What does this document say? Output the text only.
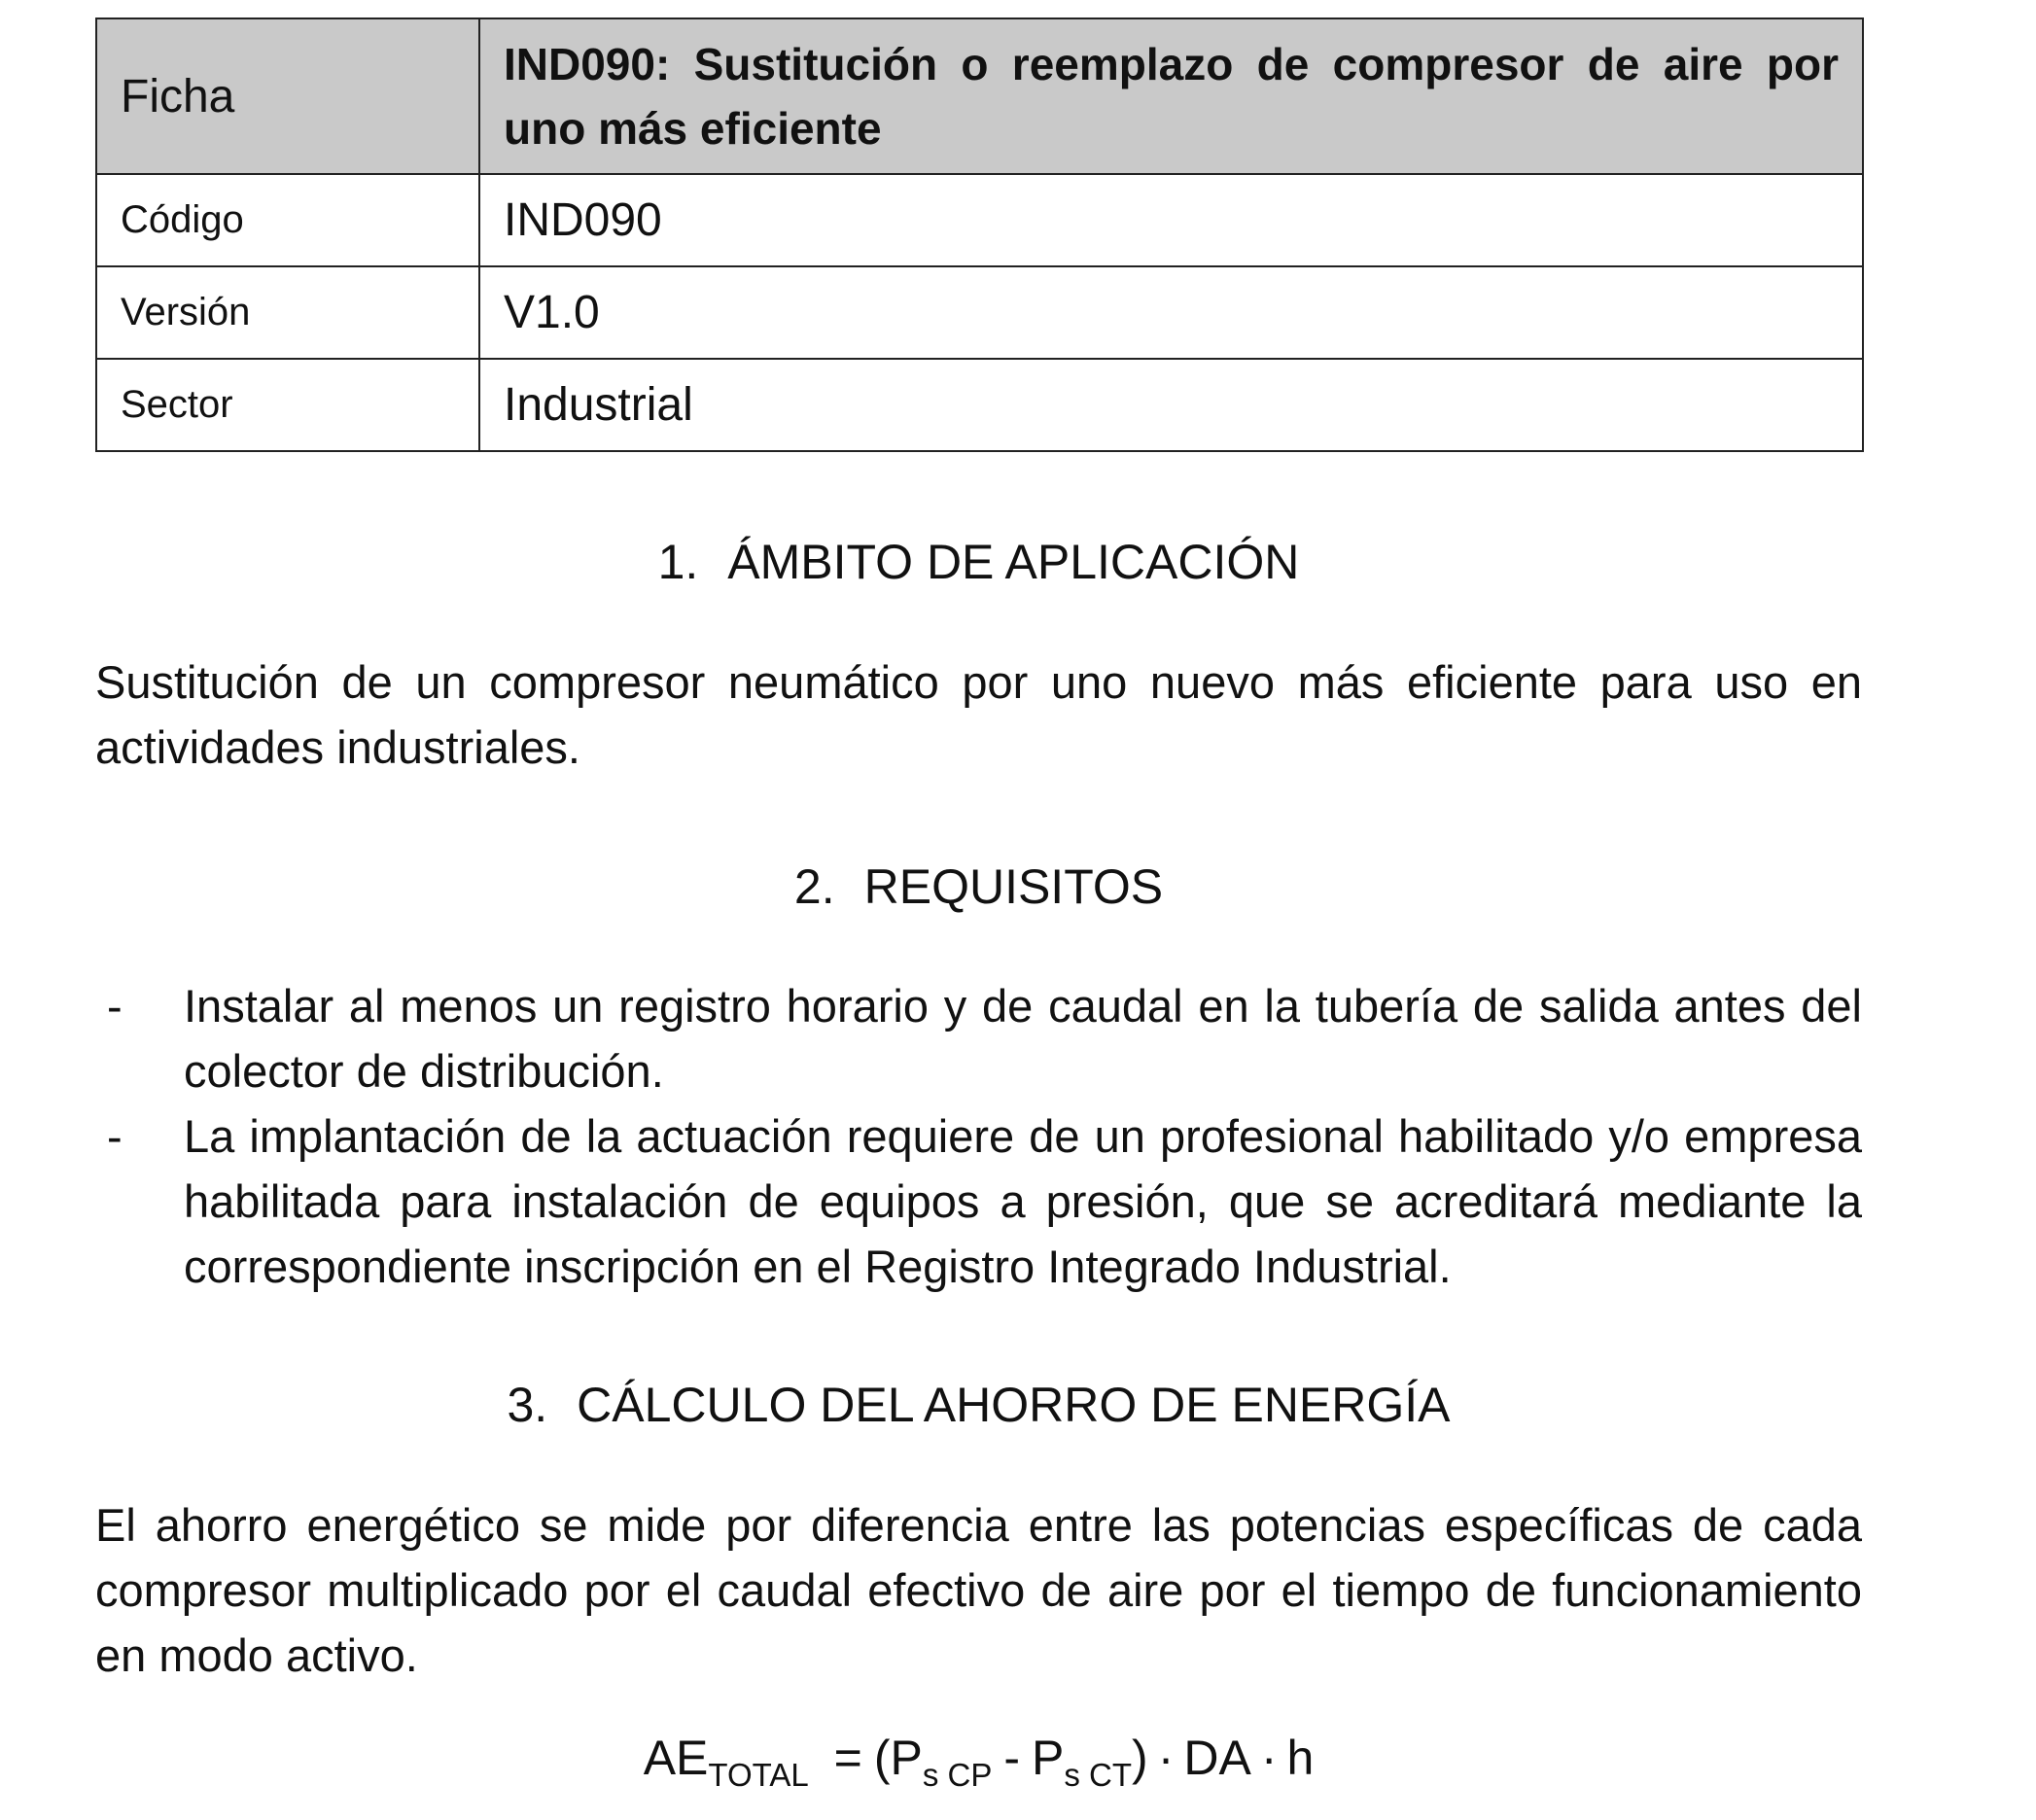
Ficha	IND090: Sustitución o reemplazo de compresor de aire por uno más eficiente
Código	IND090
Versión	V1.0
Sector	Industrial
1. ÁMBITO DE APLICACIÓN
Sustitución de un compresor neumático por uno nuevo más eficiente para uso en actividades industriales.
2. REQUISITOS
- Instalar al menos un registro horario y de caudal en la tubería de salida antes del colector de distribución.
- La implantación de la actuación requiere de un profesional habilitado y/o empresa habilitada para instalación de equipos a presión, que se acreditará mediante la correspondiente inscripción en el Registro Integrado Industrial.
3. CÁLCULO DEL AHORRO DE ENERGÍA
El ahorro energético se mide por diferencia entre las potencias específicas de cada compresor multiplicado por el caudal efectivo de aire por el tiempo de funcionamiento en modo activo.
$AE_{TOTAL} = (P_{s CP} - P_{s CT})$ · DA · h
